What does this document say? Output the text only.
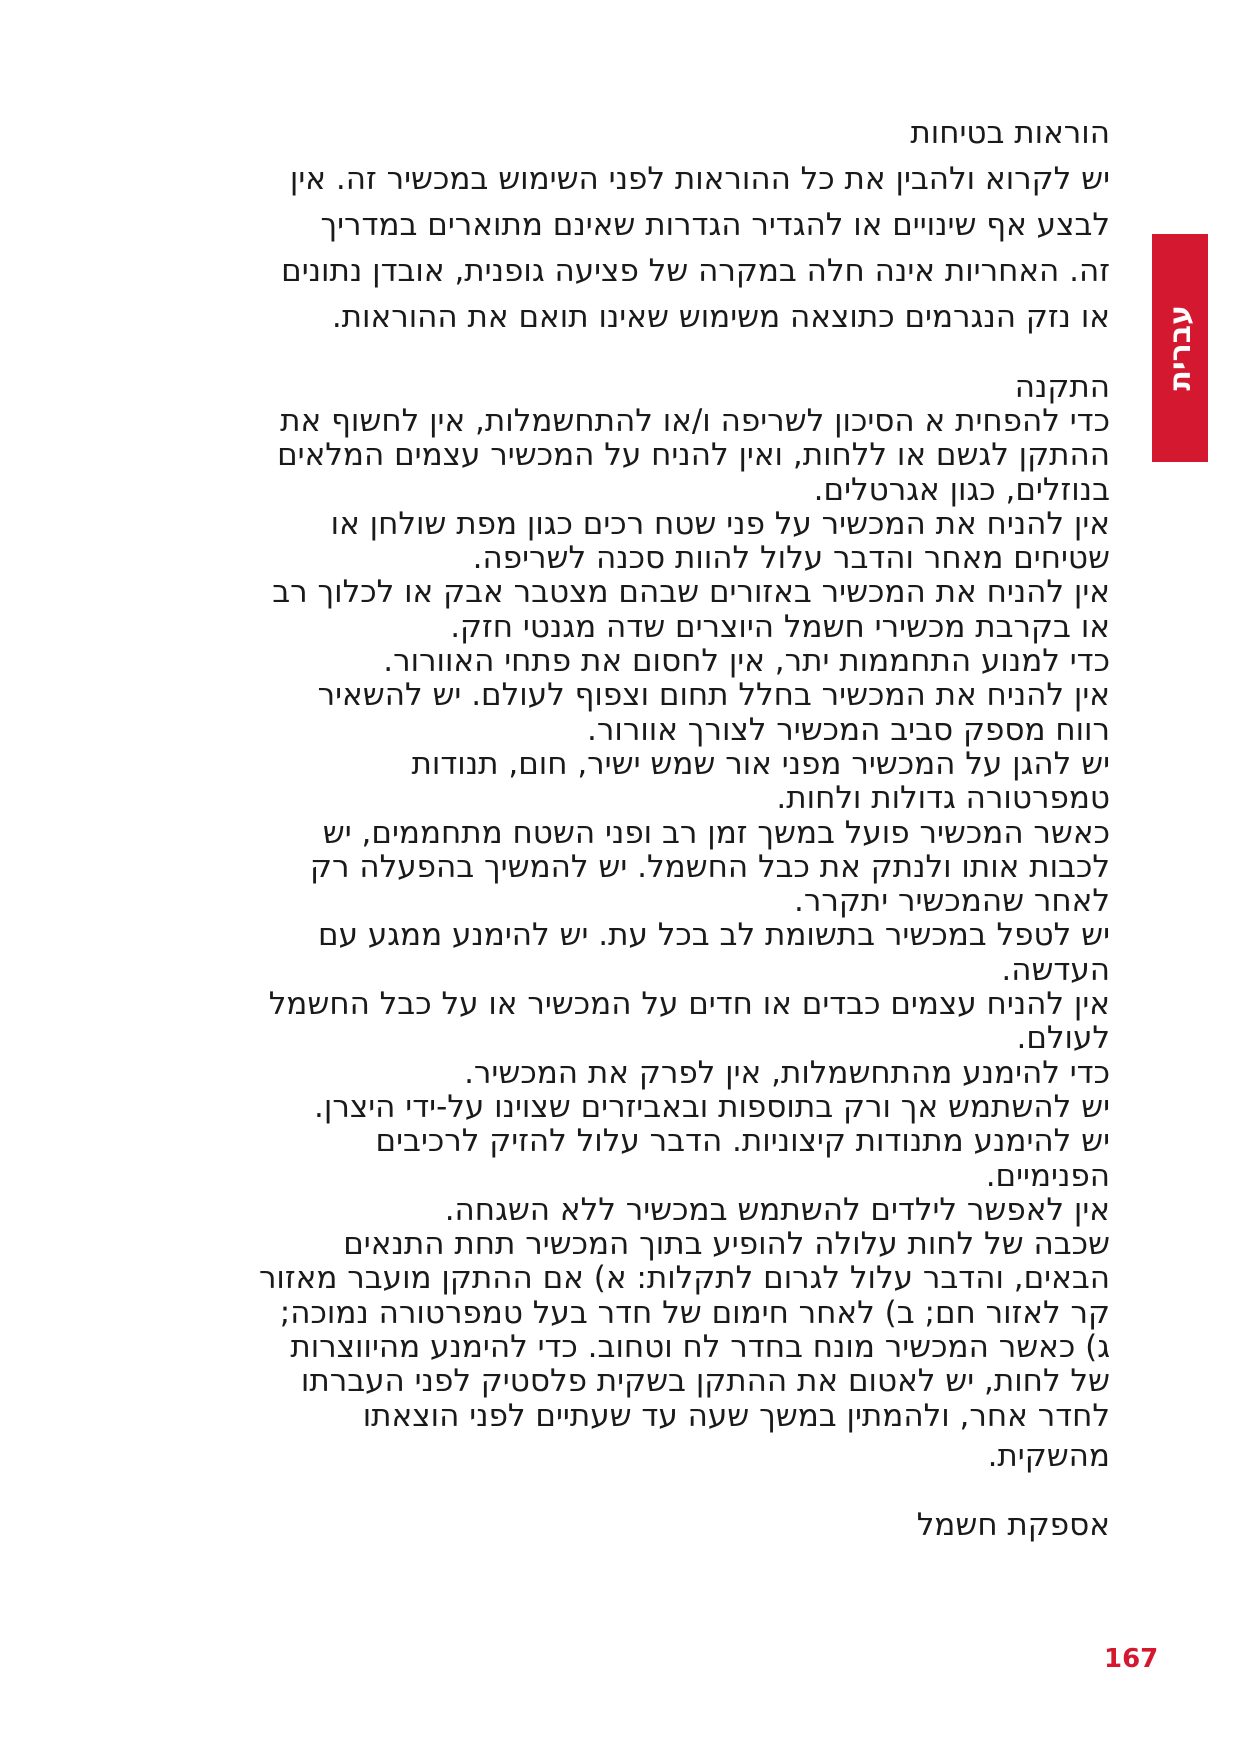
עברית

הוראות בטיחות

יש לקרוא ולהבין את כל ההוראות לפני השימוש במכשיר זה. אין
לבצע אף שינויים או להגדיר הגדרות שאינם מתוארים במדריך
זה. האחריות אינה חלה במקרה של פציעה גופנית, אובדן נתונים
או נזק הנגרמים כתוצאה משימוש שאינו תואם את ההוראות.

התקנה

כדי להפחית א הסיכון לשריפה ו/או להתחשמלות, אין לחשוף את
ההתקן לגשם או ללחות, ואין להניח על המכשיר עצמים המלאים
בנוזלים, כגון אגרטלים.
אין להניח את המכשיר על פני שטח רכים כגון מפת שולחן או
שטיחים מאחר והדבר עלול להוות סכנה לשריפה.
אין להניח את המכשיר באזורים שבהם מצטבר אבק או לכלוך רב
או בקרבת מכשירי חשמל היוצרים שדה מגנטי חזק.
כדי למנוע התחממות יתר, אין לחסום את פתחי האוורור.
אין להניח את המכשיר בחלל תחום וצפוף לעולם. יש להשאיר
רווח מספק סביב המכשיר לצורך אוורור.
יש להגן על המכשיר מפני אור שמש ישיר, חום, תנודות
טמפרטורה גדולות ולחות.
כאשר המכשיר פועל במשך זמן רב ופני השטח מתחממים, יש
לכבות אותו ולנתק את כבל החשמל. יש להמשיך בהפעלה רק
לאחר שהמכשיר יתקרר.
יש לטפל במכשיר בתשומת לב בכל עת. יש להימנע ממגע עם
העדשה.
אין להניח עצמים כבדים או חדים על המכשיר או על כבל החשמל
לעולם.
כדי להימנע מהתחשמלות, אין לפרק את המכשיר.
יש להשתמש אך ורק בתוספות ובאביזרים שצוינו על-ידי היצרן.
יש להימנע מתנודות קיצוניות. הדבר עלול להזיק לרכיבים
הפנימיים.
אין לאפשר לילדים להשתמש במכשיר ללא השגחה.
שכבה של לחות עלולה להופיע בתוך המכשיר תחת התנאים
הבאים, והדבר עלול לגרום לתקלות: א) אם ההתקן מועבר מאזור
קר לאזור חם; ב) לאחר חימום של חדר בעל טמפרטורה נמוכה;
ג) כאשר המכשיר מונח בחדר לח וטחוב. כדי להימנע מהיווצרות
של לחות, יש לאטום את ההתקן בשקית פלסטיק לפני העברתו
לחדר אחר, ולהמתין במשך שעה עד שעתיים לפני הוצאתו
מהשקית.

אספקת חשמל

167
